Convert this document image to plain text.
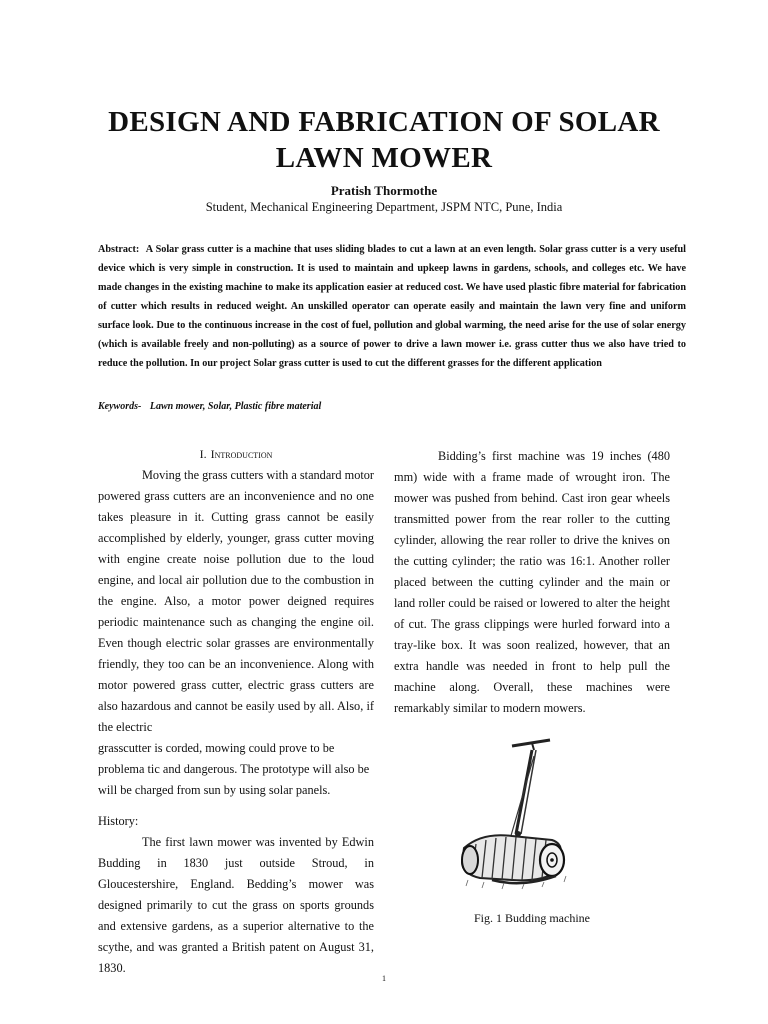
DESIGN AND FABRICATION OF SOLAR LAWN MOWER
Pratish Thormothe
Student, Mechanical Engineering Department, JSPM NTC, Pune, India
Abstract: A Solar grass cutter is a machine that uses sliding blades to cut a lawn at an even length. Solar grass cutter is a very useful device which is very simple in construction. It is used to maintain and upkeep lawns in gardens, schools, and colleges etc. We have made changes in the existing machine to make its application easier at reduced cost. We have used plastic fibre material for fabrication of cutter which results in reduced weight. An unskilled operator can operate easily and maintain the lawn very fine and uniform surface look. Due to the continuous increase in the cost of fuel, pollution and global warming, the need arise for the use of solar energy (which is available freely and non-polluting) as a source of power to drive a lawn mower i.e. grass cutter thus we also have tried to reduce the pollution. In our project Solar grass cutter is used to cut the different grasses for the different application
Keywords- Lawn mower, Solar, Plastic fibre material

I. Introduction

Moving the grass cutters with a standard motor powered grass cutters are an inconvenience and no one takes pleasure in it. Cutting grass cannot be easily accomplished by elderly, younger, grass cutter moving with engine create noise pollution due to the loud engine, and local air pollution due to the combustion in the engine. Also, a motor power deigned requires periodic maintenance such as changing the engine oil. Even though electric solar grasses are environmentally friendly, they too can be an inconvenience. Along with motor powered grass cutter, electric grass cutters are also hazardous and cannot be easily used by all. Also, if the electric

grasscutter is corded, mowing could prove to be problema tic and dangerous. The prototype will also be will be charged from sun by using solar panels.

History:

The first lawn mower was invented by Edwin Budding in 1830 just outside Stroud, in Gloucestershire, England. Bedding’s mower was designed primarily to cut the grass on sports grounds and extensive gardens, as a superior alternative to the scythe, and was granted a British patent on August 31, 1830.

Bidding’s first machine was 19 inches (480 mm) wide with a frame made of wrought iron. The mower was pushed from behind. Cast iron gear wheels transmitted power from the rear roller to the cutting cylinder, allowing the rear roller to drive the knives on the cutting cylinder; the ratio was 16:1. Another roller placed between the cutting cylinder and the main or land roller could be raised or lowered to alter the height of cut. The grass clippings were hurled forward into a tray-like box. It was soon realized, however, that an extra handle was needed in front to help pull the machine along. Overall, these machines were remarkably similar to modern mowers.

Fig. 1 Budding machine
1
